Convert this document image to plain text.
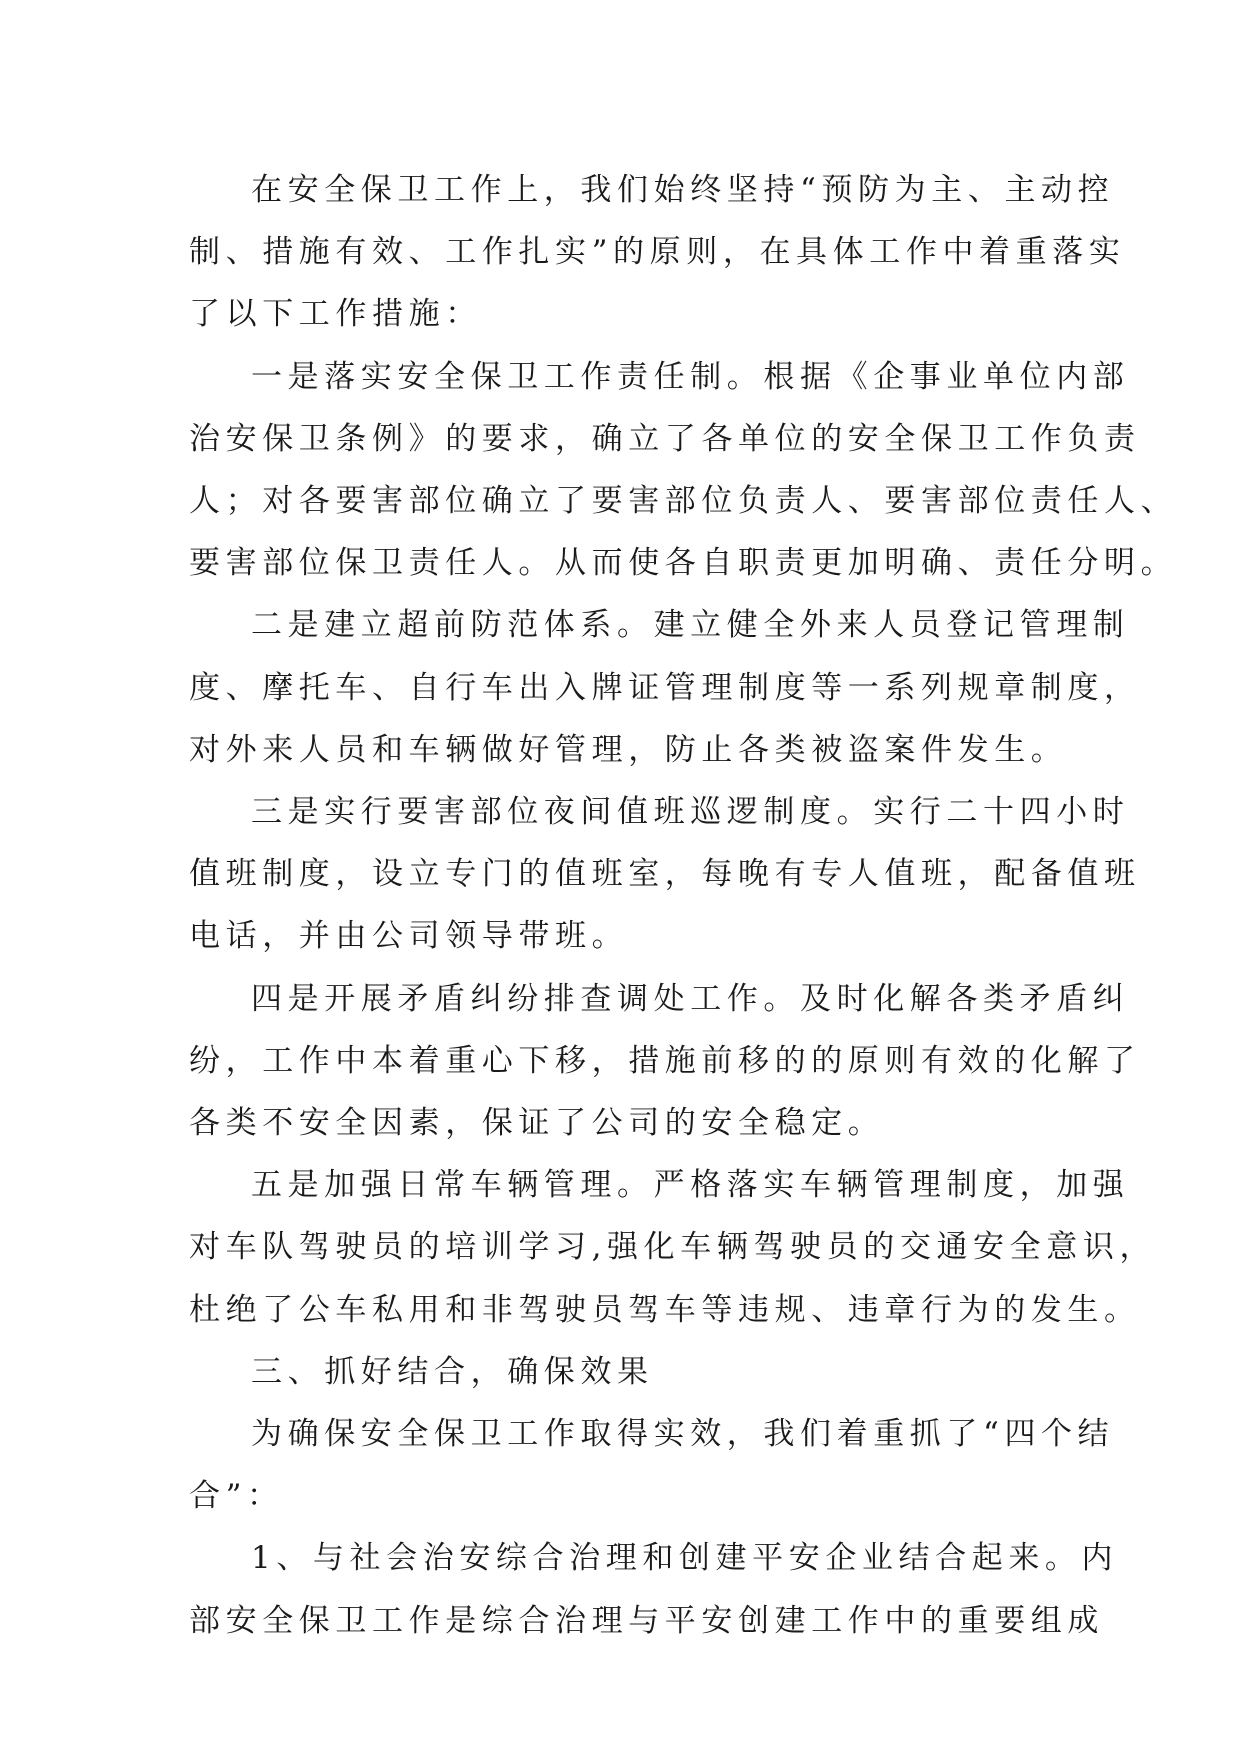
在安全保卫工作上，我们始终坚持“预防为主、主动控
制、措施有效、工作扎实”的原则，在具体工作中着重落实
了以下工作措施：

一是落实安全保卫工作责任制。根据《企事业单位内部
治安保卫条例》的要求，确立了各单位的安全保卫工作负责
人；对各要害部位确立了要害部位负责人、要害部位责任人、
要害部位保卫责任人。从而使各自职责更加明确、责任分明。

二是建立超前防范体系。建立健全外来人员登记管理制
度、摩托车、自行车出入牌证管理制度等一系列规章制度，
对外来人员和车辆做好管理，防止各类被盗案件发生。

三是实行要害部位夜间值班巡逻制度。实行二十四小时
值班制度，设立专门的值班室，每晚有专人值班，配备值班
电话，并由公司领导带班。

四是开展矛盾纠纷排查调处工作。及时化解各类矛盾纠
纷，工作中本着重心下移，措施前移的的原则有效的化解了
各类不安全因素，保证了公司的安全稳定。

五是加强日常车辆管理。严格落实车辆管理制度，加强
对车队驾驶员的培训学习,强化车辆驾驶员的交通安全意识，
杜绝了公车私用和非驾驶员驾车等违规、违章行为的发生。

三、抓好结合，确保效果

为确保安全保卫工作取得实效，我们着重抓了“四个结
合”：

1、与社会治安综合治理和创建平安企业结合起来。内
部安全保卫工作是综合治理与平安创建工作中的重要组成
